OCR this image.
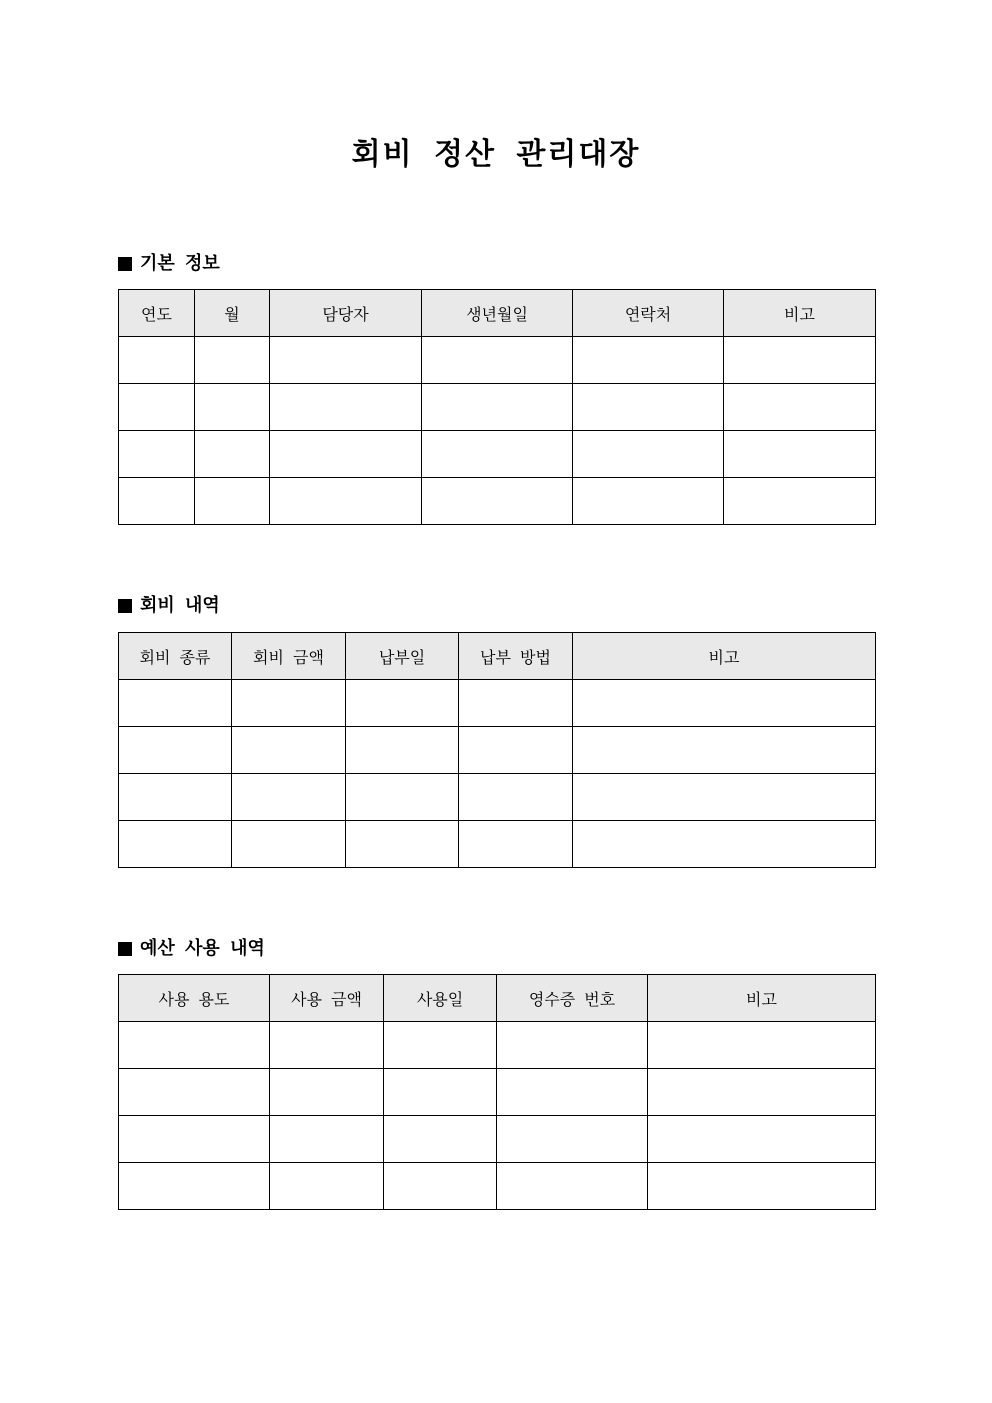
회비 정산 관리대장
기본 정보
연도	월	담당자	생년월일	연락처	비고

회비 내역
회비 종류	회비 금액	납부일	납부 방법	비고

예산 사용 내역
사용 용도	사용 금액	사용일	영수증 번호	비고
